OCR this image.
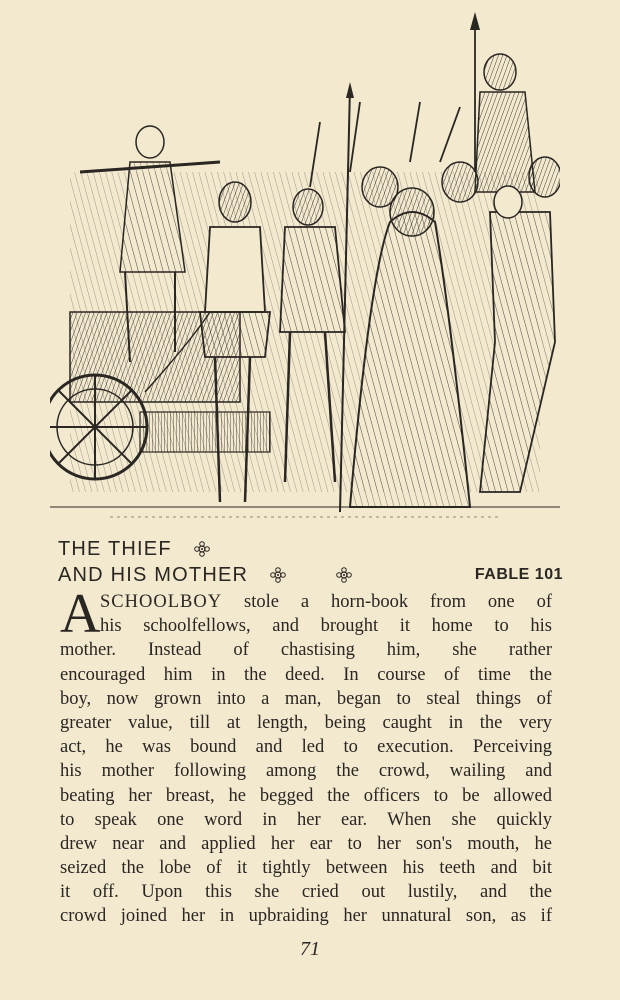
THE THIEF
AND HIS MOTHER	FABLE 101
A SCHOOLBOY stole a horn-book from one of
his schoolfellows, and brought it home to his
mother. Instead of chastising him, she rather
encouraged him in the deed. In course of time the
boy, now grown into a man, began to steal things of
greater value, till at length, being caught in the very
act, he was bound and led to execution. Perceiving
his mother following among the crowd, wailing and
beating her breast, he begged the officers to be allowed
to speak one word in her ear. When she quickly
drew near and applied her ear to her son's mouth, he
seized the lobe of it tightly between his teeth and bit
it off. Upon this she cried out lustily, and the
crowd joined her in upbraiding her unnatural son, as if
71
